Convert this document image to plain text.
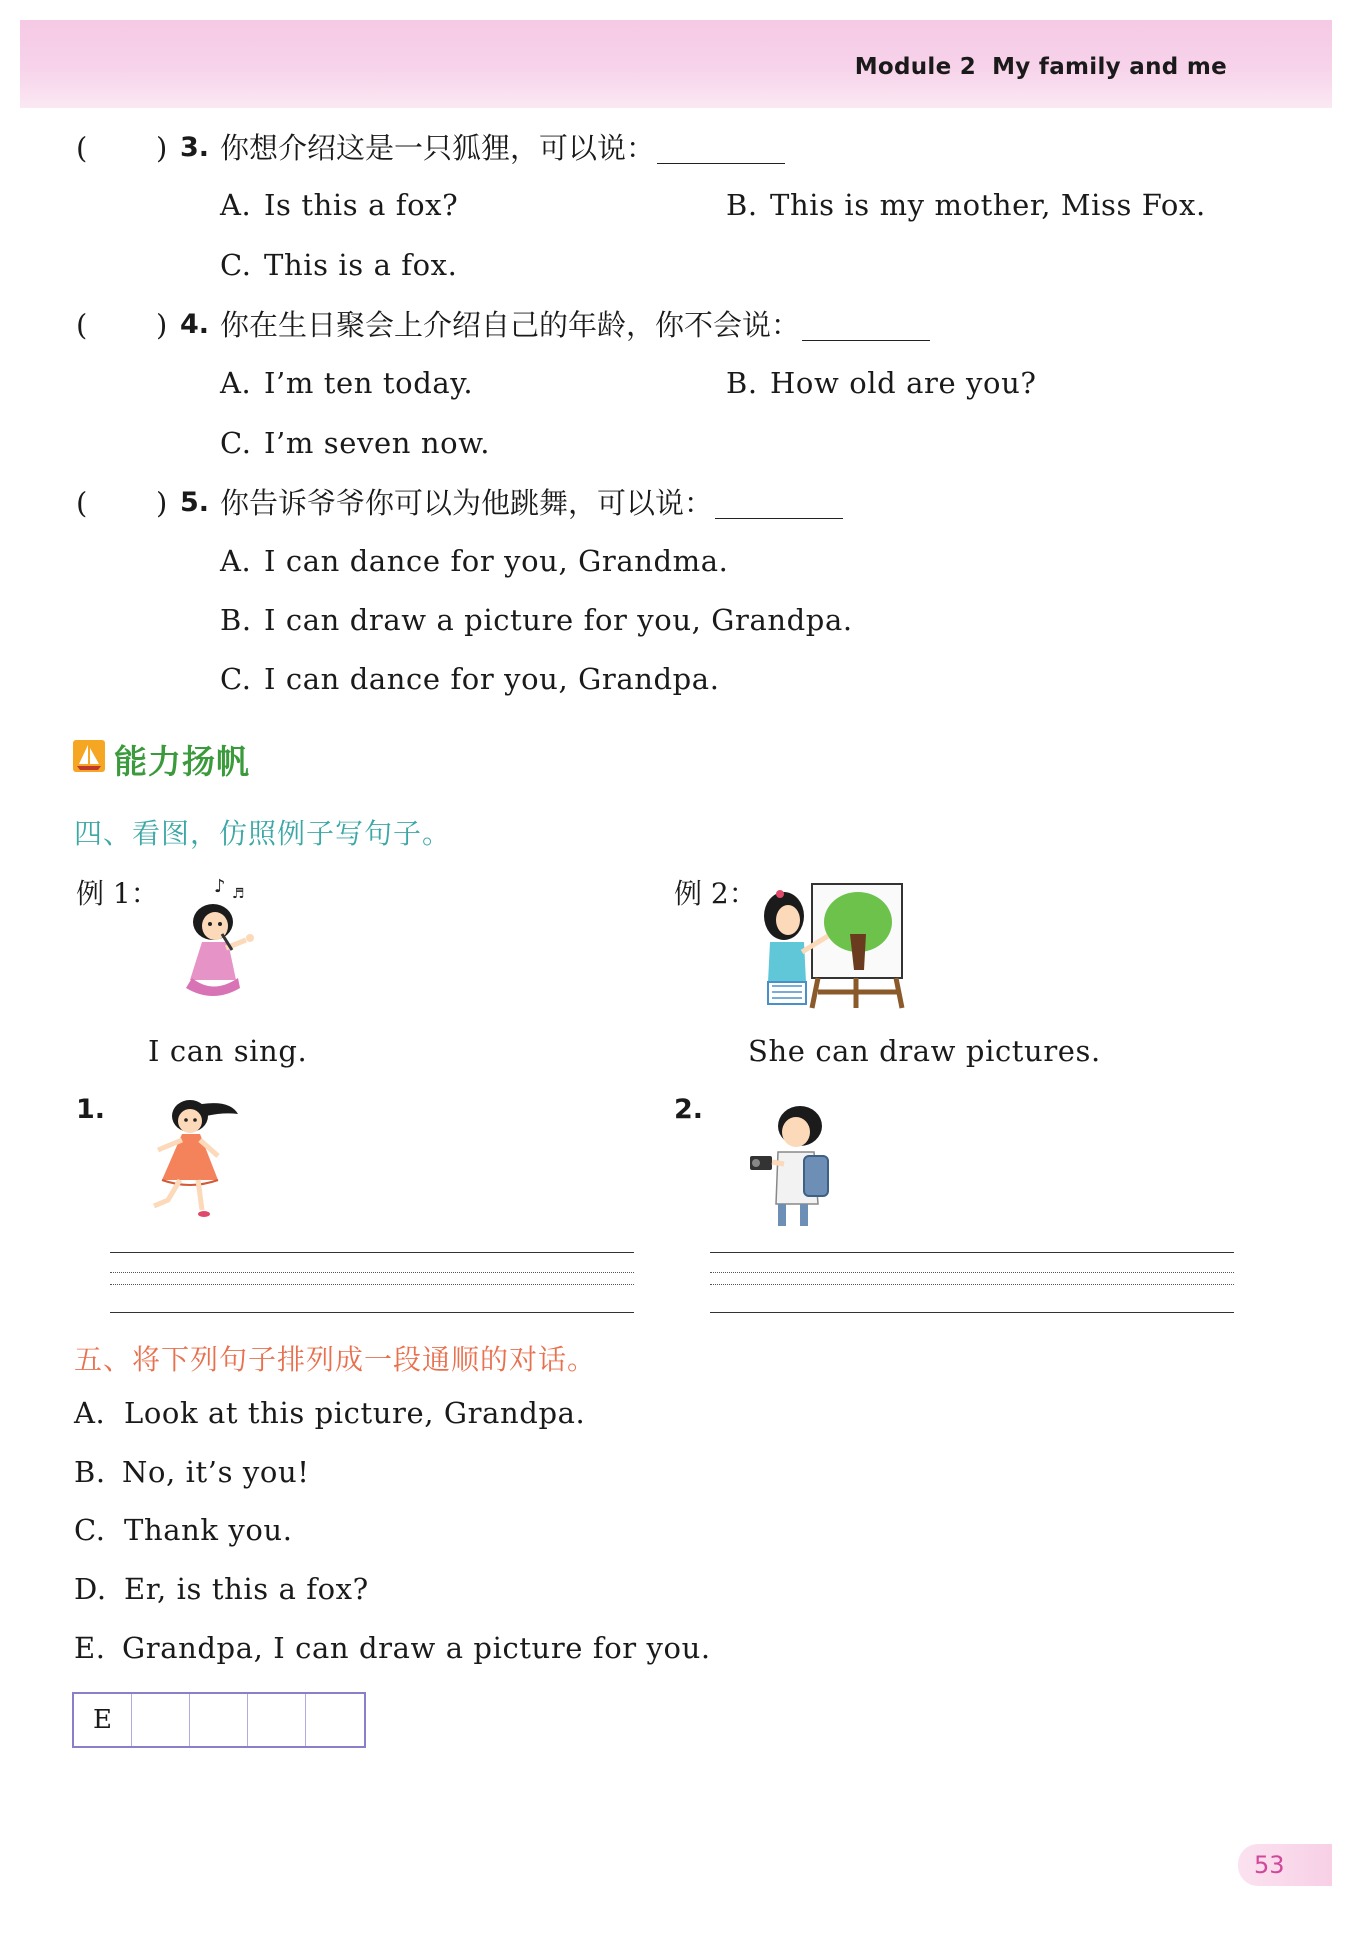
Module 2 My family and me
( ) 3. 你想介绍这是一只狐狸，可以说：
A. Is this a fox?	B. This is my mother, Miss Fox.
C. This is a fox.
( ) 4. 你在生日聚会上介绍自己的年龄，你不会说：
A. I’m ten today.	B. How old are you?
C. I’m seven now.
( ) 5. 你告诉爷爷你可以为他跳舞，可以说：
A. I can dance for you, Grandma.
B. I can draw a picture for you, Grandpa.
C. I can dance for you, Grandpa.
能力扬帆
四、看图，仿照例子写句子。
例 1：	♪ ♬
I can sing.
例 2：
She can draw pictures.
1.	2.
五、将下列句子排列成一段通顺的对话。
A. Look at this picture, Grandpa.
B. No, it’s you!
C. Thank you.
D. Er, is this a fox?
E. Grandpa, I can draw a picture for you.
E
53
